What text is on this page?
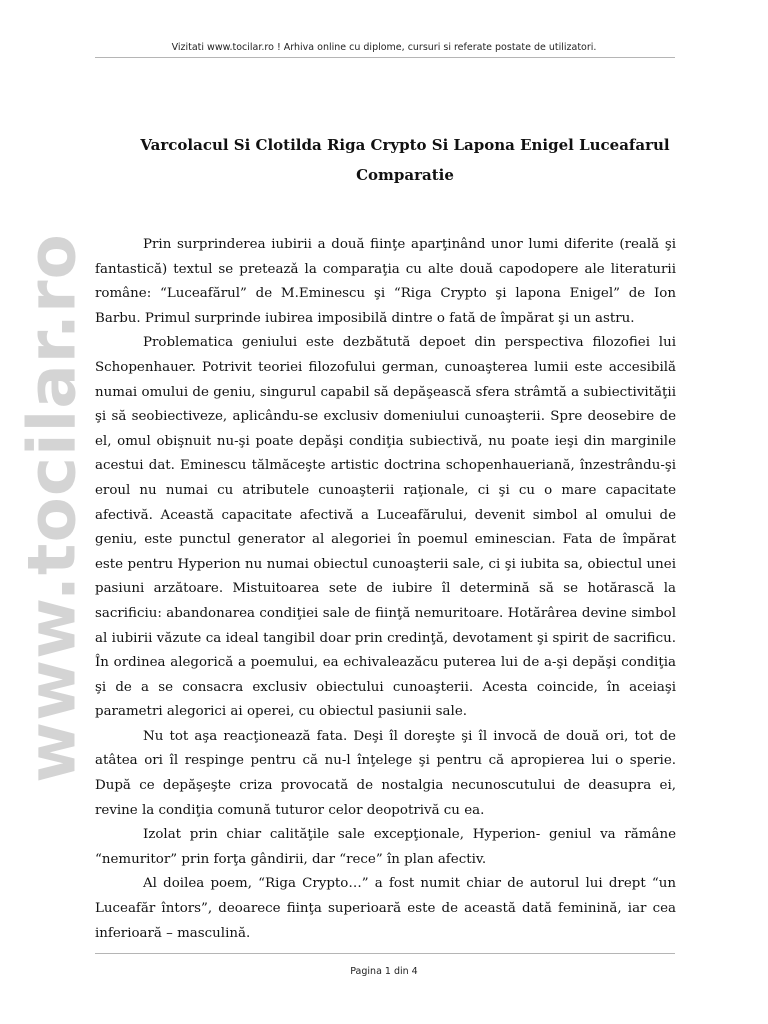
Vizitati www.tocilar.ro ! Arhiva online cu diplome, cursuri si referate postate de utilizatori.
www.tocilar.ro
Varcolacul Si Clotilda Riga Crypto Si Lapona Enigel Luceafarul
Comparatie

Prin surprinderea iubirii a două fiinţe aparţinând unor lumi diferite (reală şi fantastică) textul se preteazǎ la comparaţia cu alte două capodopere ale literaturii române: “Luceafărul” de M.Eminescu şi “Riga Crypto şi lapona Enigel” de Ion Barbu. Primul surprinde iubirea imposibilă dintre o fată de împărat şi un astru.

Problematica geniului este dezbătută depoet din perspectiva filozofiei lui Schopenhauer. Potrivit teoriei filozofului german, cunoaşterea lumii este accesibilă numai omului de geniu, singurul capabil să depăşească sfera strâmtă a subiectivităţii şi să seobiectiveze, aplicându-se exclusiv domeniului cunoaşterii. Spre deosebire de el, omul obişnuit nu-şi poate depăşi condiţia subiectivă, nu poate ieşi din marginile acestui dat. Eminescu tălmăceşte artistic doctrina schopenhaueriană, înzestrându-şi eroul nu numai cu atributele cunoaşterii raţionale, ci şi cu o mare capacitate afectivă. Această capacitate afectivă a Luceafărului, devenit simbol al omului de geniu, este punctul generator al alegoriei în poemul eminescian. Fata de împărat este pentru Hyperion nu numai obiectul cunoaşterii sale, ci şi iubita sa, obiectul unei pasiuni arzătoare. Mistuitoarea sete de iubire îl determină să se hotărască la sacrificiu: abandonarea condiţiei sale de fiinţă nemuritoare. Hotărârea devine simbol al iubirii văzute ca ideal tangibil doar prin credinţă, devotament şi spirit de sacrificu. În ordinea alegorică a poemului, ea echivaleazăcu puterea lui de a-şi depăşi condiţia şi de a se consacra exclusiv obiectului cunoaşterii. Acesta coincide, în aceiaşi parametri alegorici ai operei, cu obiectul pasiunii sale.

Nu tot aşa reacţionează fata. Deşi îl doreşte şi îl invocă de două ori, tot de atâtea ori îl respinge pentru că nu-l înţelege şi pentru că apropierea lui o sperie. După ce depăşeşte criza provocată de nostalgia necunoscutului de deasupra ei, revine la condiţia comună tuturor celor deopotrivă cu ea.

Izolat prin chiar calităţile sale excepţionale, Hyperion- geniul va rămâne “nemuritor” prin forţa gândirii, dar “rece” în plan afectiv.

Al doilea poem, “Riga Crypto…” a fost numit chiar de autorul lui drept “un Luceafăr întors”, deoarece fiinţa superioară este de această dată feminină, iar cea inferioară – masculină.

Pagina 1 din 4
